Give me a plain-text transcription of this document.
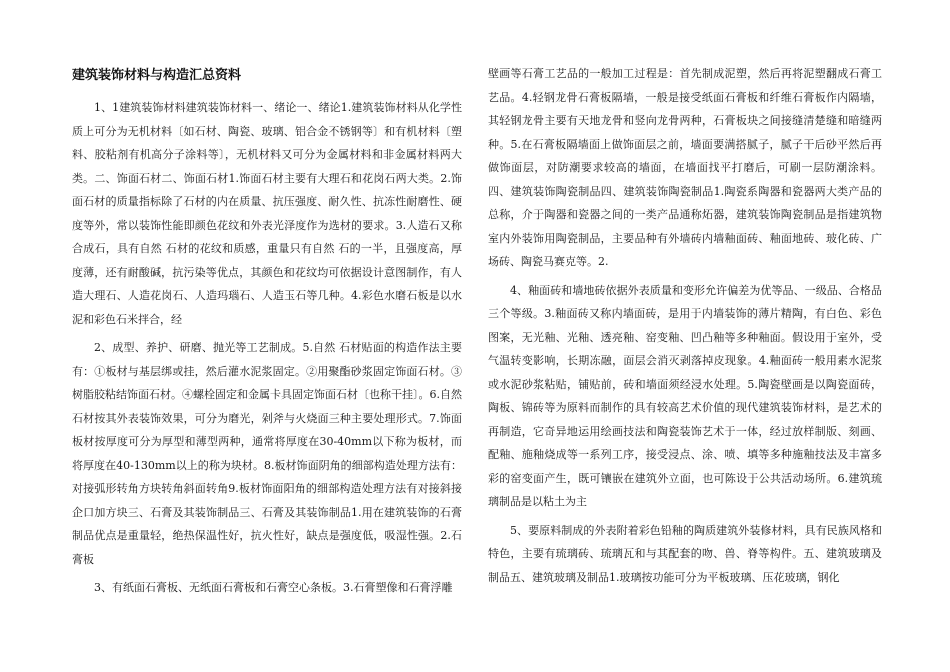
建筑装饰材料与构造汇总资料

1、1建筑装饰材料建筑装饰材料一、绪论一、绪论1.建筑装饰材料从化学性质上可分为无机材料〔如石材、陶瓷、玻璃、铝合金不锈钢等〕和有机材料〔塑料、胶粘剂有机高分子涂料等〕，无机材料又可分为金属材料和非金属材料两大类。二、饰面石材二、饰面石材1.饰面石材主要有大理石和花岗石两大类。2.饰面石材的质量指标除了石材的内在质量、抗压强度、耐久性、抗冻性耐磨性、硬度等外，常以装饰性能即颜色花纹和外表光泽度作为选材的要求。3.人造石又称合成石，具有自然 石材的花纹和质感，重量只有自然 石的一半，且强度高，厚度薄，还有耐酸碱，抗污染等优点，其颜色和花纹均可依据设计意图制作，有人造大理石、人造花岗石、人造玛瑙石、人造玉石等几种。4.彩色水磨石板是以水泥和彩色石米拌合，经

2、成型、养护、研磨、抛光等工艺制成。5.自然 石材贴面的构造作法主要有：①板材与基层绑或挂，然后灌水泥浆固定。②用聚酯砂浆固定饰面石材。③树脂胶粘结饰面石材。④螺栓固定和金属卡具固定饰面石材〔也称干挂〕。6.自然 石材按其外表装饰效果，可分为磨光，剁斧与火烧面三种主要处理形式。7.饰面板材按厚度可分为厚型和薄型两种，通常将厚度在30-40mm以下称为板材，而将厚度在40-130mm以上的称为块材。8.板材饰面阴角的细部构造处理方法有：对接弧形转角方块转角斜面转角9.板材饰面阳角的细部构造处理方法有对接斜接企口加方块三、石膏及其装饰制品三、石膏及其装饰制品1.用在建筑装饰的石膏制品优点是重量轻，绝热保温性好，抗火性好，缺点是强度低，吸湿性强。2.石膏板

3、有纸面石膏板、无纸面石膏板和石膏空心条板。3.石膏塑像和石膏浮雕

壁画等石膏工艺品的一般加工过程是：首先制成泥塑，然后再将泥塑翻成石膏工艺品。4.轻钢龙骨石膏板隔墙，一般是接受纸面石膏板和纤维石膏板作内隔墙，其轻钢龙骨主要有天地龙骨和竖向龙骨两种，石膏板块之间接缝清楚缝和暗缝两种。5.在石膏板隔墙面上做饰面层之前，墙面要满搭腻子，腻子干后砂平然后再做饰面层，对防潮要求较高的墙面，在墙面找平打磨后，可刷一层防潮涂料。四、建筑装饰陶瓷制品四、建筑装饰陶瓷制品1.陶瓷系陶器和瓷器两大类产品的总称，介于陶器和瓷器之间的一类产品通称炻器，建筑装饰陶瓷制品是指建筑物室内外装饰用陶瓷制品，主要品种有外墙砖内墙釉面砖、釉面地砖、玻化砖、广场砖、陶瓷马赛克等。2.

4、釉面砖和墙地砖依据外表质量和变形允许偏差为优等品、一级品、合格品三个等级。3.釉面砖又称内墙面砖，是用于内墙装饰的薄片精陶，有白色、彩色图案，无光釉、光釉、透亮釉、窑变釉、凹凸釉等多种釉面。假设用于室外，受气温转变影响，长期冻融，面层会消灭剥落掉皮现象。4.釉面砖一般用素水泥浆或水泥砂浆粘贴，铺贴前，砖和墙面须经浸水处理。5.陶瓷壁画是以陶瓷面砖，陶板、锦砖等为原料而制作的具有较高艺术价值的现代建筑装饰材料，是艺术的再制造，它奇异地运用绘画技法和陶瓷装饰艺术于一体，经过放样制版、刻画、配釉、施釉烧成等一系列工序，接受浸点、涂、喷、填等多种施釉技法及丰富多彩的窑变面产生，既可镶嵌在建筑外立面，也可陈设于公共活动场所。6.建筑琉璃制品是以粘土为主

5、要原料制成的外表附着彩色铅釉的陶质建筑外装修材料，具有民族风格和特色，主要有琉璃砖、琉璃瓦和与其配套的吻、兽、脊等构件。五、建筑玻璃及制品五、建筑玻璃及制品1.玻璃按功能可分为平板玻璃、压花玻璃，钢化
